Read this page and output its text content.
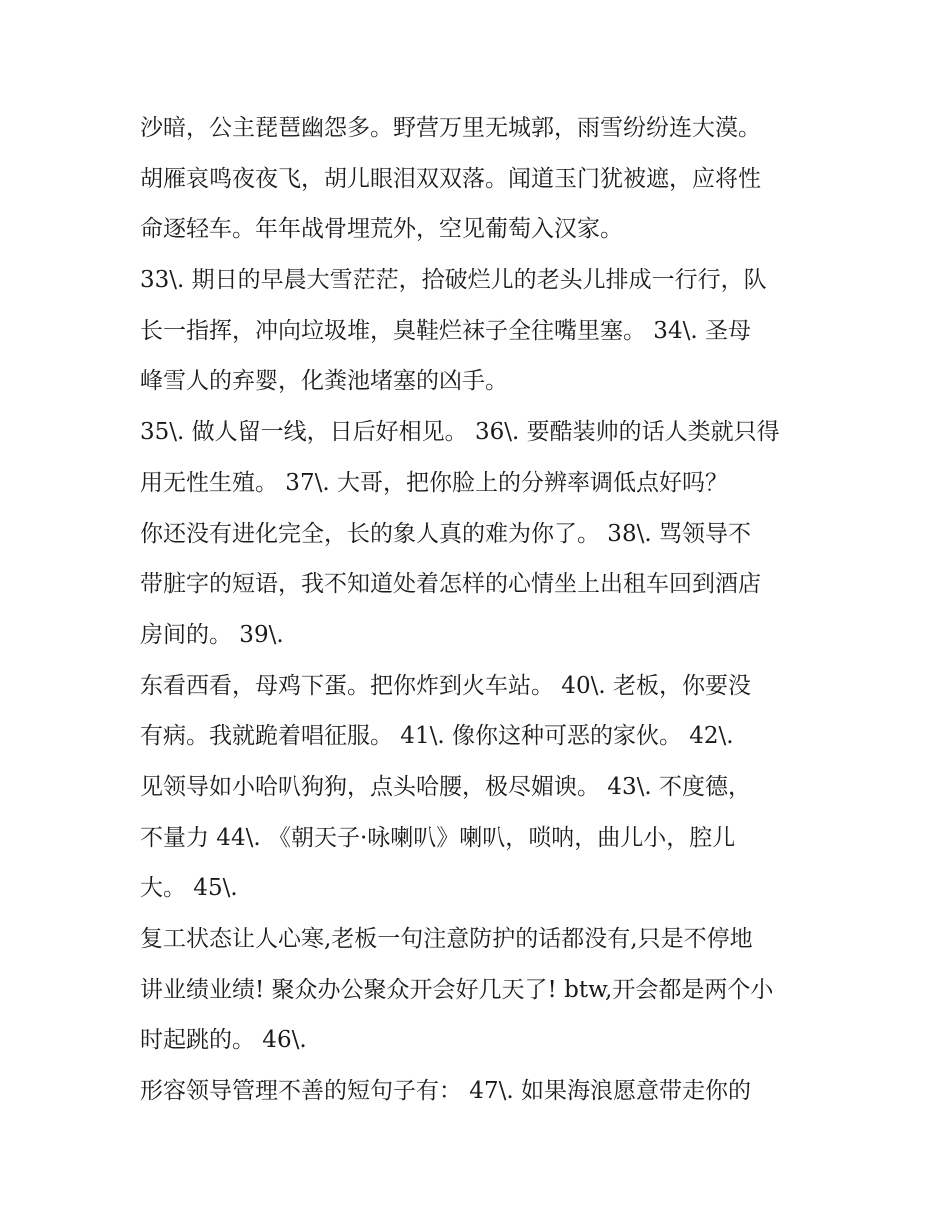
沙暗，公主琵琶幽怨多。野营万里无城郭，雨雪纷纷连大漠。
胡雁哀鸣夜夜飞，胡儿眼泪双双落。闻道玉门犹被遮，应将性
命逐轻车。年年战骨埋荒外，空见葡萄入汉家。
33\. 期日的早晨大雪茫茫，拾破烂儿的老头儿排成一行行，队
长一指挥，冲向垃圾堆，臭鞋烂袜子全往嘴里塞。 34\. 圣母
峰雪人的弃婴，化粪池堵塞的凶手。
35\. 做人留一线，日后好相见。 36\. 要酷装帅的话人类就只得
用无性生殖。 37\. 大哥，把你脸上的分辨率调低点好吗？
你还没有进化完全，长的象人真的难为你了。 38\. 骂领导不
带脏字的短语，我不知道处着怎样的心情坐上出租车回到酒店
房间的。 39\.
东看西看，母鸡下蛋。把你炸到火车站。 40\. 老板，你要没
有病。我就跪着唱征服。 41\. 像你这种可恶的家伙。 42\.
见领导如小哈叭狗狗，点头哈腰，极尽媚谀。 43\. 不度德，
不量力 44\. 《朝天子·咏喇叭》喇叭，唢呐，曲儿小，腔儿
大。 45\.
复工状态让人心寒,老板一句注意防护的话都没有,只是不停地
讲业绩业绩! 聚众办公聚众开会好几天了! btw,开会都是两个小
时起跳的。 46\.
形容领导管理不善的短句子有： 47\. 如果海浪愿意带走你的
